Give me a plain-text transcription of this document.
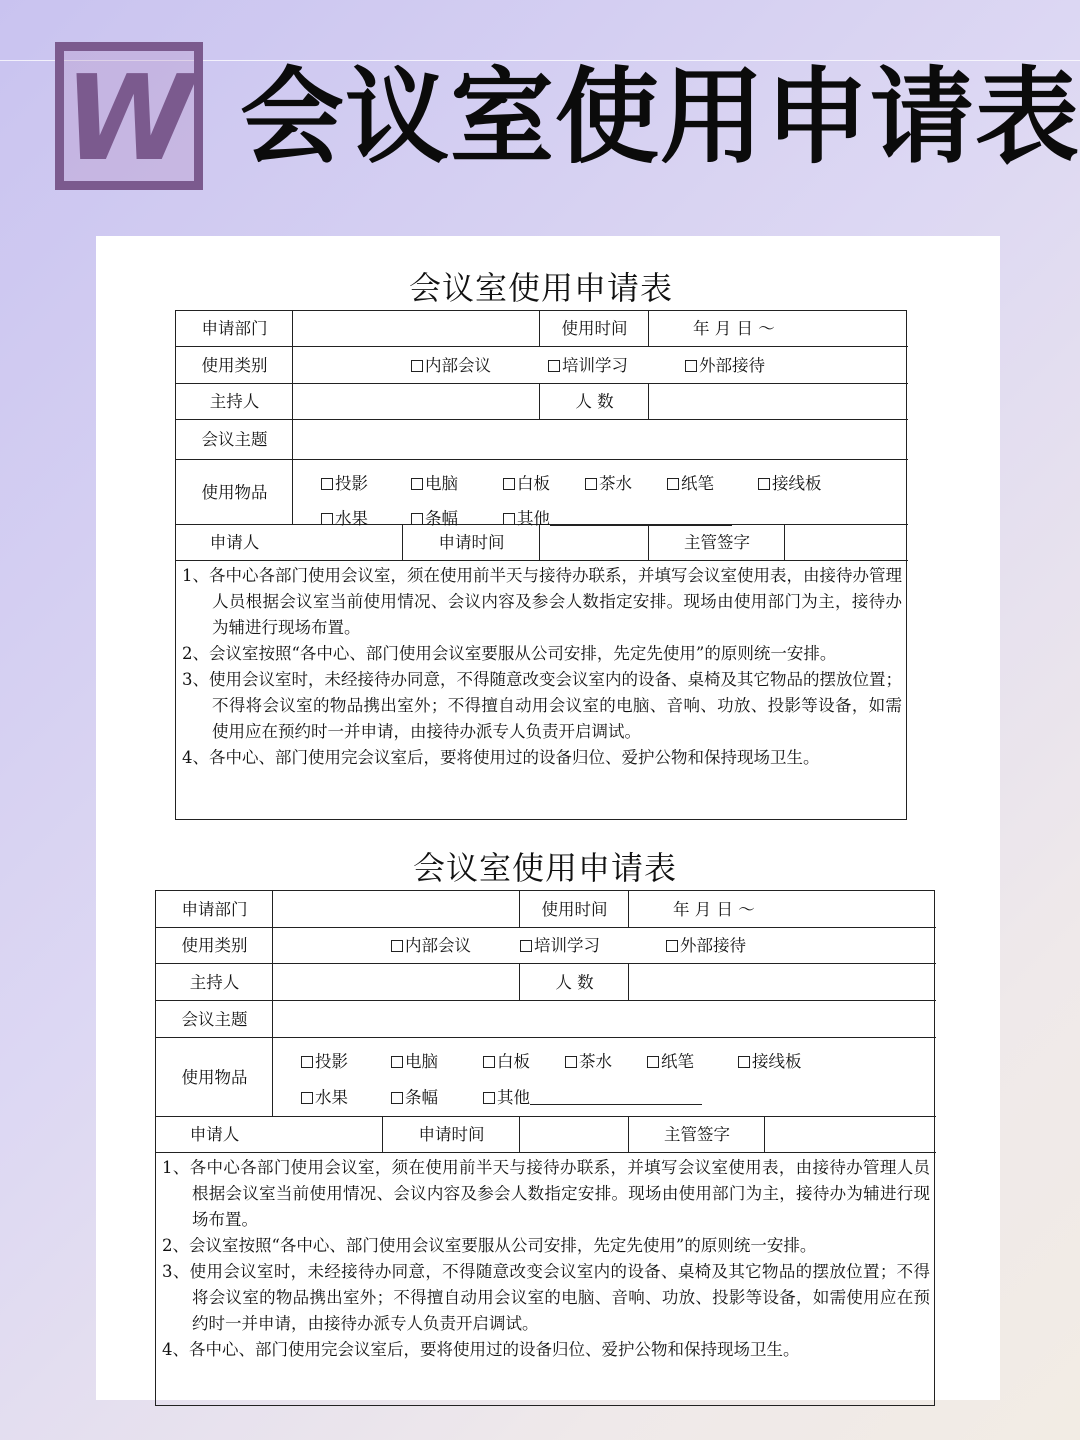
W 会议室使用申请表
会议室使用申请表
申请部门	使用时间	年 月 日 ～
使用类别	内部会议	培训学习	外部接待
主持人	人 数
会议主题
使用物品	投影	电脑	白板	茶水	纸笔	接线板
水果	条幅	其他
申请人	申请时间	主管签字

1、各中心各部门使用会议室，须在使用前半天与接待办联系，并填写会议室使用表，由接待办管理人员根据会议室当前使用情况、会议内容及参会人数指定安排。现场由使用部门为主，接待办为辅进行现场布置。

2、会议室按照“各中心、部门使用会议室要服从公司安排，先定先使用”的原则统一安排。

3、使用会议室时，未经接待办同意，不得随意改变会议室内的设备、桌椅及其它物品的摆放位置；不得将会议室的物品携出室外；不得擅自动用会议室的电脑、音响、功放、投影等设备，如需使用应在预约时一并申请，由接待办派专人负责开启调试。

4、各中心、部门使用完会议室后，要将使用过的设备归位、爱护公物和保持现场卫生。

会议室使用申请表
申请部门	使用时间	年 月 日 ～
使用类别	内部会议	培训学习	外部接待
主持人	人 数
会议主题
使用物品
投影	电脑	白板	茶水	纸笔	接线板
水果	条幅	其他
申请人	申请时间	主管签字

1、各中心各部门使用会议室，须在使用前半天与接待办联系，并填写会议室使用表，由接待办管理人员根据会议室当前使用情况、会议内容及参会人数指定安排。现场由使用部门为主，接待办为辅进行现场布置。

2、会议室按照“各中心、部门使用会议室要服从公司安排，先定先使用”的原则统一安排。

3、使用会议室时，未经接待办同意，不得随意改变会议室内的设备、桌椅及其它物品的摆放位置；不得将会议室的物品携出室外；不得擅自动用会议室的电脑、音响、功放、投影等设备，如需使用应在预约时一并申请，由接待办派专人负责开启调试。

4、各中心、部门使用完会议室后，要将使用过的设备归位、爱护公物和保持现场卫生。
